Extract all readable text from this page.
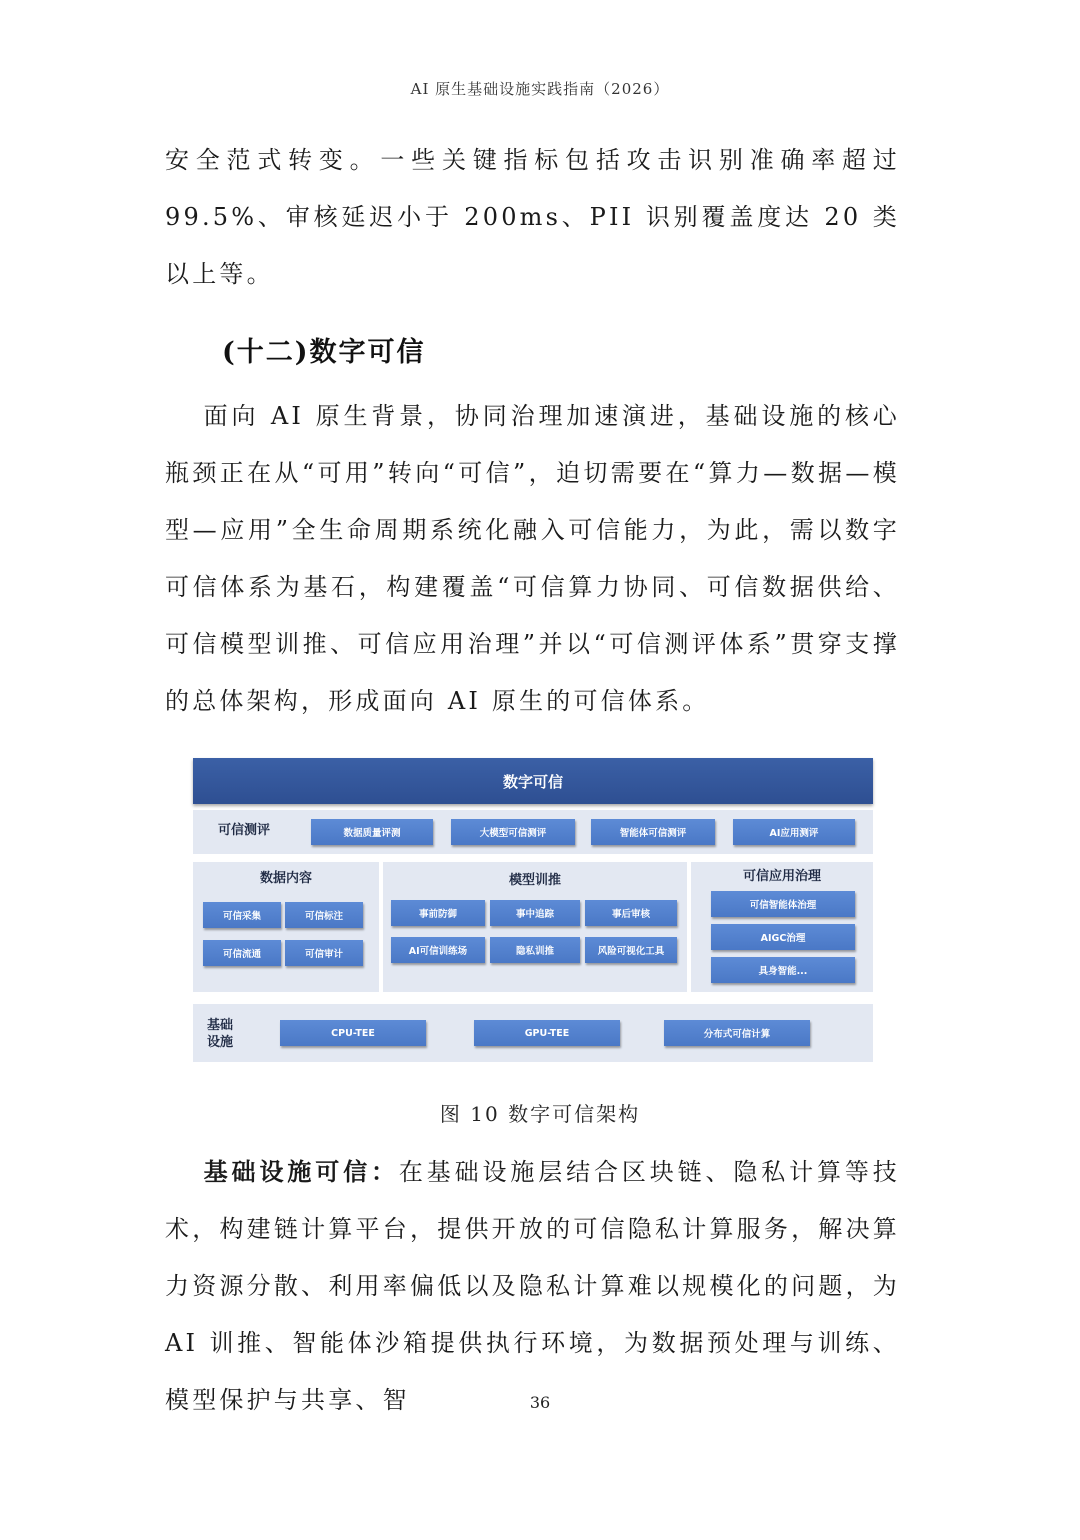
AI 原生基础设施实践指南（2026）

安全范式转变。一些关键指标包括攻击识别准确率超过 99.5%、审核延迟小于 200ms、PII 识别覆盖度达 20 类以上等。

(十二)数字可信

面向 AI 原生背景，协同治理加速演进，基础设施的核心瓶颈正在从“可用”转向“可信”，迫切需要在“算力—数据—模型—应用”全生命周期系统化融入可信能力，为此，需以数字可信体系为基石，构建覆盖“可信算力协同、可信数据供给、可信模型训推、可信应用治理”并以“可信测评体系”贯穿支撑的总体架构，形成面向 AI 原生的可信体系。

数字可信
可信测评	数据质量评测	大模型可信测评	智能体可信测评	AI应用测评
数据内容
可信采集	可信标注
可信流通	可信审计
模型训推
事前防御	事中追踪	事后审核
AI可信训练场	隐私训推	风险可视化工具
可信应用治理
可信智能体治理
AIGC治理
具身智能...
基础
设施
CPU-TEE	GPU-TEE	分布式可信计算
图 10 数字可信架构

基础设施可信：在基础设施层结合区块链、隐私计算等技术，构建链计算平台，提供开放的可信隐私计算服务，解决算力资源分散、利用率偏低以及隐私计算难以规模化的问题，为 AI 训推、智能体沙箱提供执行环境，为数据预处理与训练、模型保护与共享、智	36
